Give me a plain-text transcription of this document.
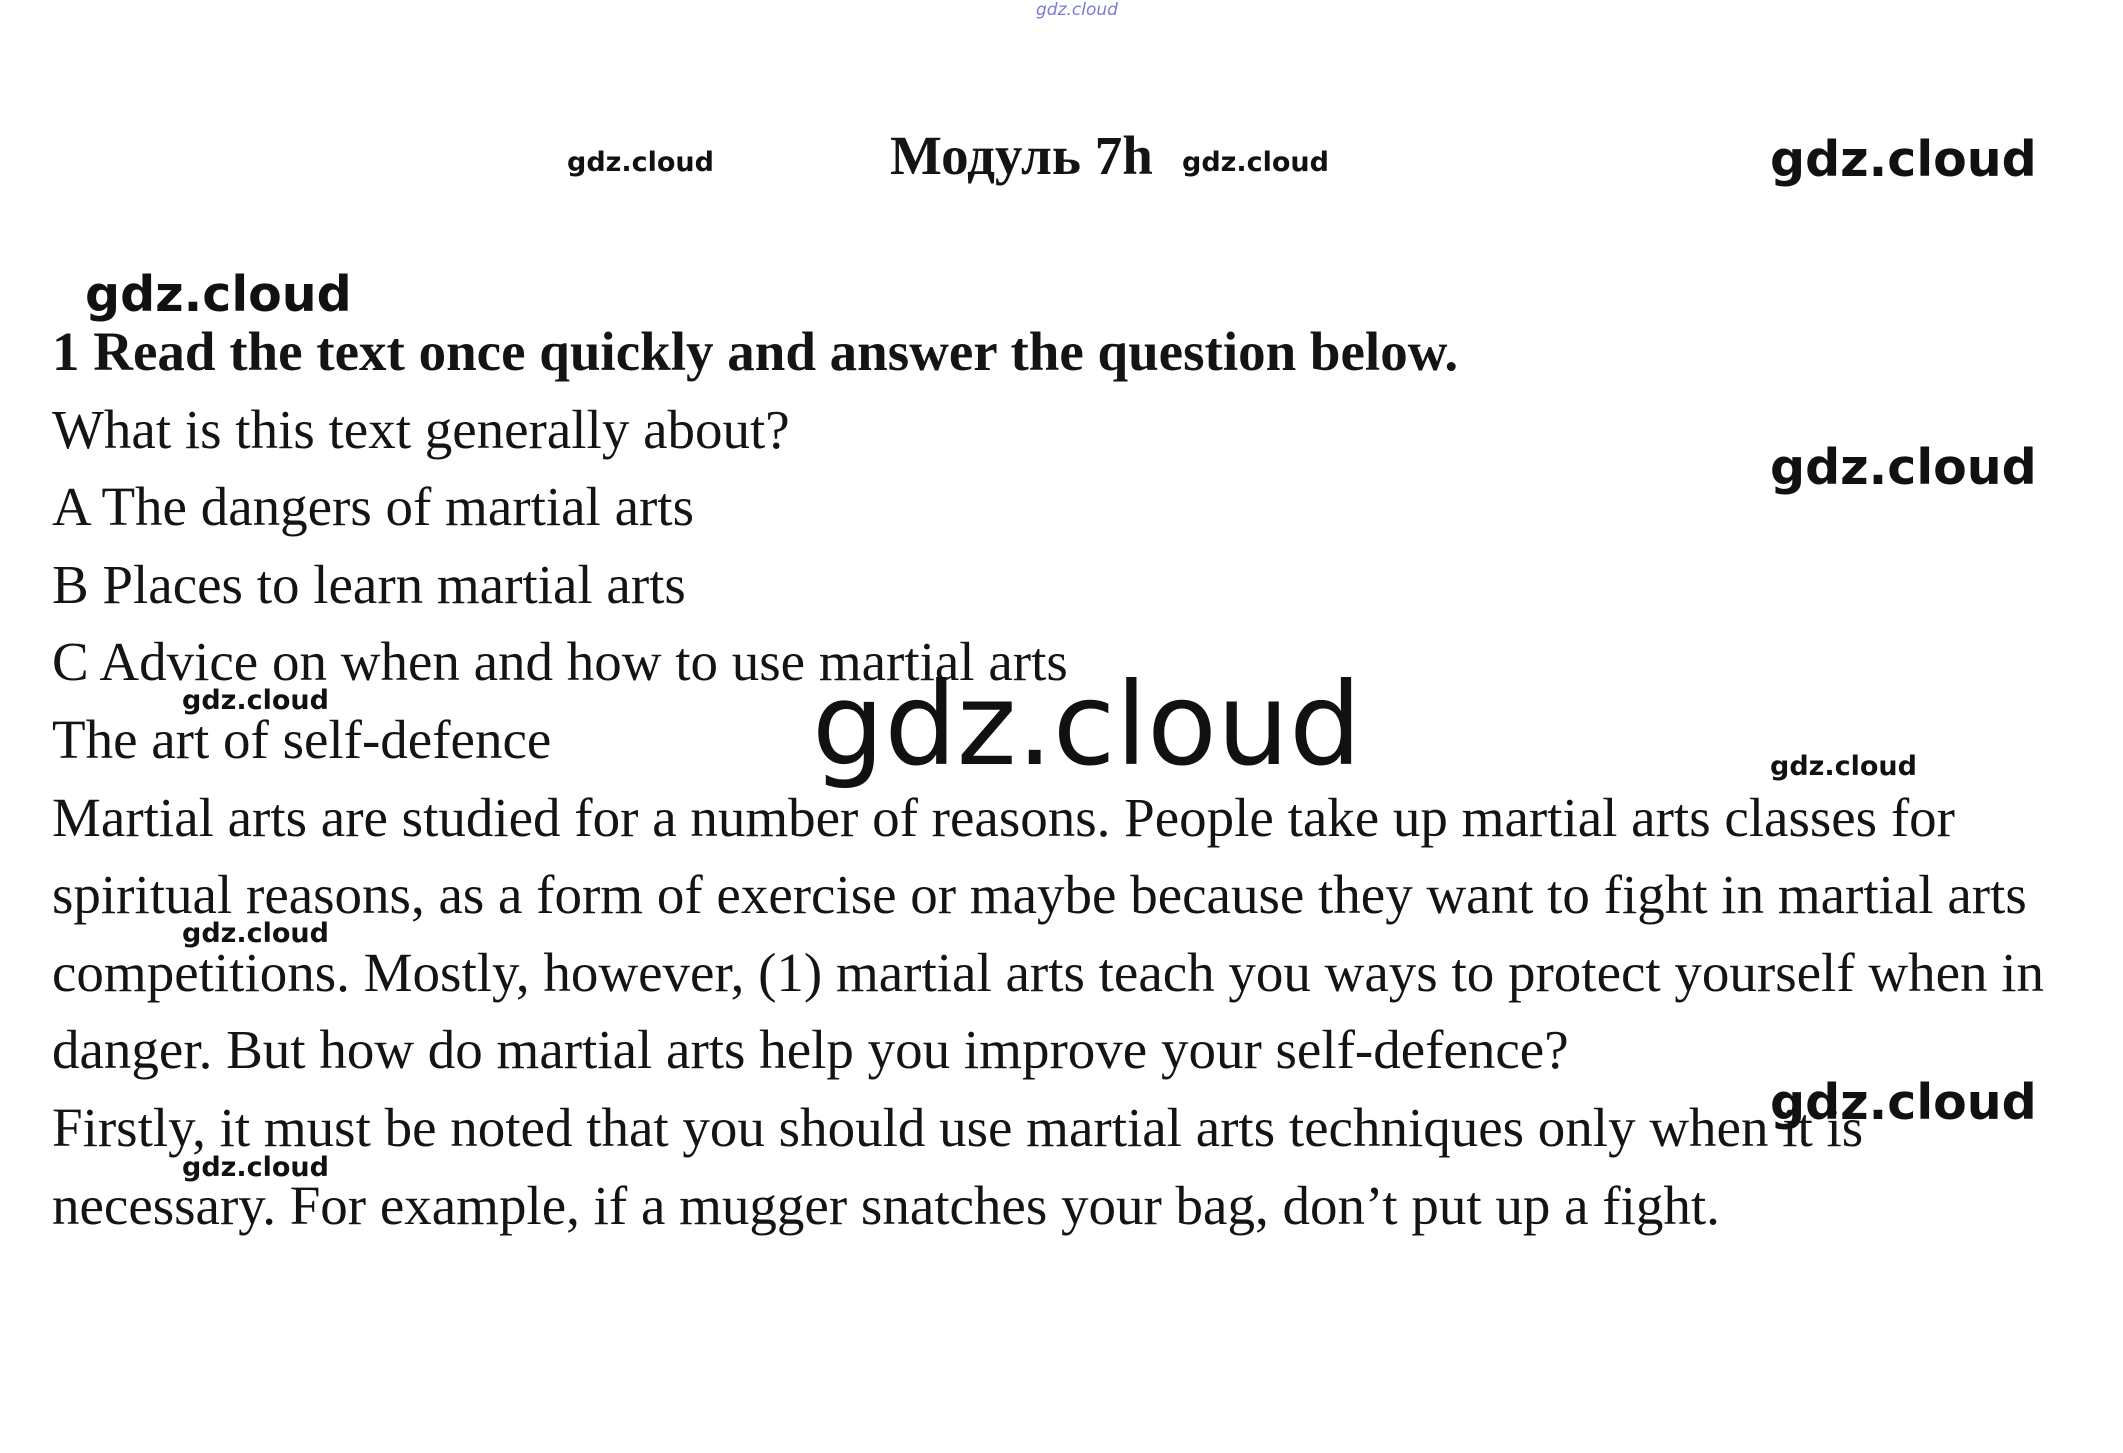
Модуль 7h

1 Read the text once quickly and answer the question below.

What is this text generally about?

A The dangers of martial arts

B Places to learn martial arts

C Advice on when and how to use martial arts

The art of self-defence

Martial arts are studied for a number of reasons. People take up martial arts classes for spiritual reasons, as a form of exercise or maybe because they want to fight in martial arts competitions. Mostly, however, (1) martial arts teach you ways to protect yourself when in danger. But how do martial arts help you improve your self-defence?

Firstly, it must be noted that you should use martial arts techniques only when it is necessary. For example, if a mugger snatches your bag, don’t put up a fight.

gdz.cloud
gdz.cloud	gdz.cloud	gdz.cloud
gdz.cloud
gdz.cloud
gdz.cloud	gdz.cloud	gdz.cloud
gdz.cloud
gdz.cloud
gdz.cloud
